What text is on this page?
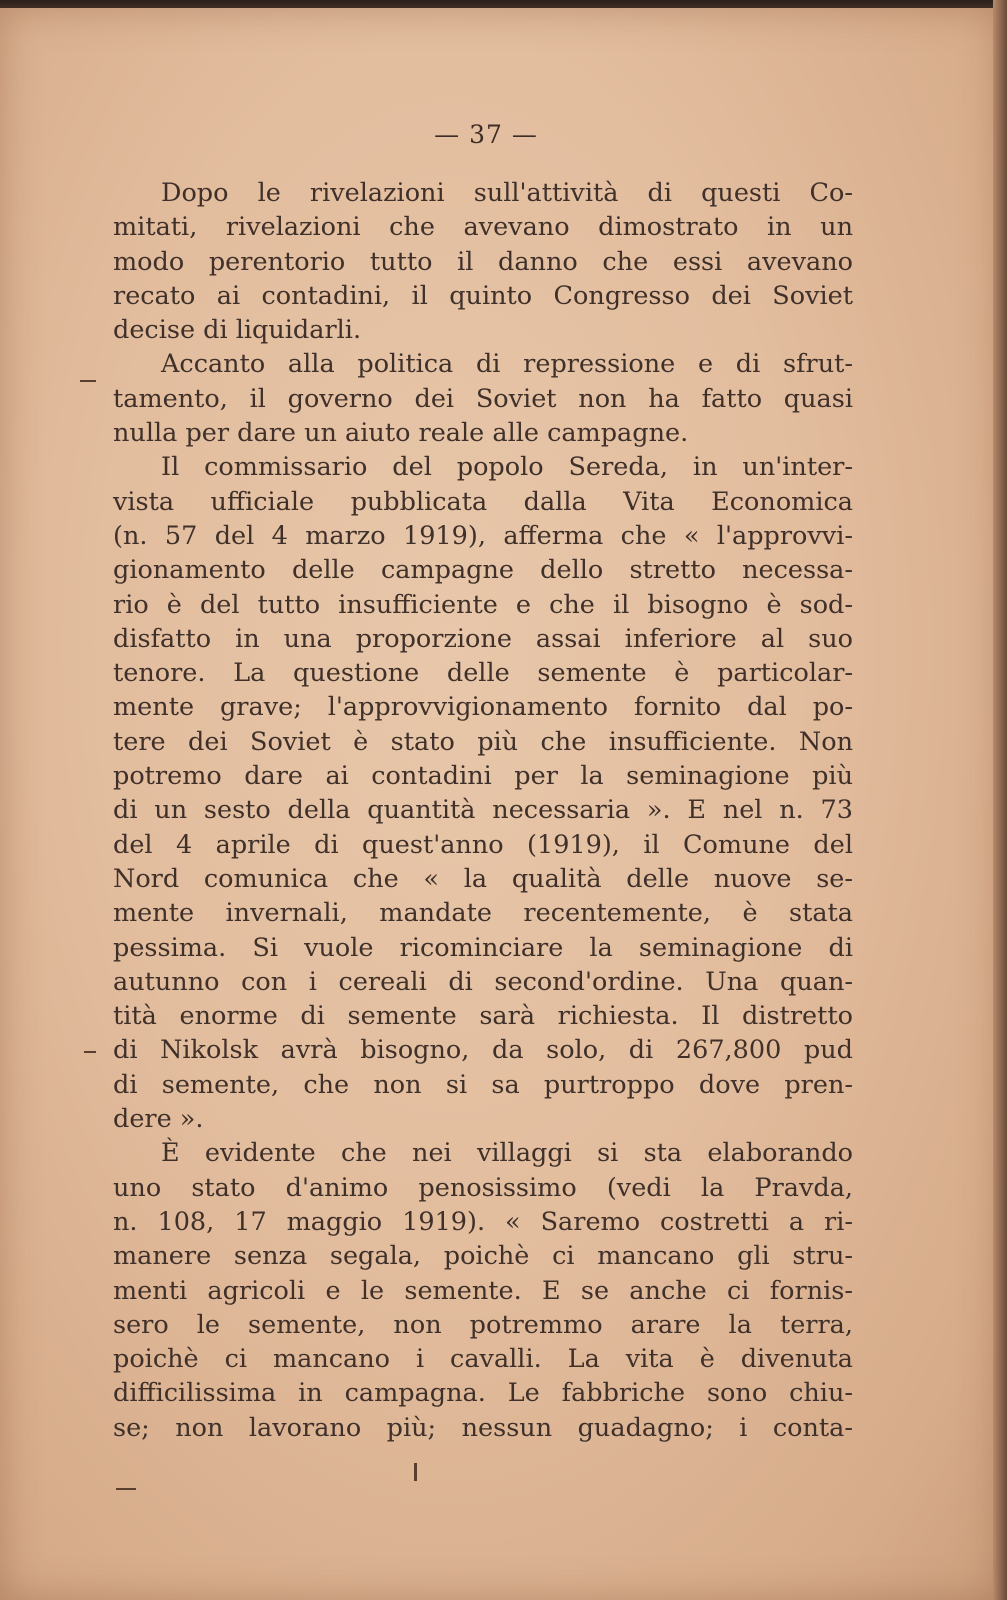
— 37 —
Dopo le rivelazioni sull'attività di questi Co-
mitati, rivelazioni che avevano dimostrato in un
modo perentorio tutto il danno che essi avevano
recato ai contadini, il quinto Congresso dei Soviet
decise di liquidarli.
Accanto alla politica di repressione e di sfrut-
tamento, il governo dei Soviet non ha fatto quasi
nulla per dare un aiuto reale alle campagne.
Il commissario del popolo Sereda, in un'inter-
vista ufficiale pubblicata dalla Vita Economica
(n. 57 del 4 marzo 1919), afferma che « l'approvvi-
gionamento delle campagne dello stretto necessa-
rio è del tutto insufficiente e che il bisogno è sod-
disfatto in una proporzione assai inferiore al suo
tenore. La questione delle semente è particolar-
mente grave; l'approvvigionamento fornito dal po-
tere dei Soviet è stato più che insufficiente. Non
potremo dare ai contadini per la seminagione più
di un sesto della quantità necessaria ». E nel n. 73
del 4 aprile di quest'anno (1919), il Comune del
Nord comunica che « la qualità delle nuove se-
mente invernali, mandate recentemente, è stata
pessima. Si vuole ricominciare la seminagione di
autunno con i cereali di second'ordine. Una quan-
tità enorme di semente sarà richiesta. Il distretto
di Nikolsk avrà bisogno, da solo, di 267,800 pud
di semente, che non si sa purtroppo dove pren-
dere ».
È evidente che nei villaggi si sta elaborando
uno stato d'animo penosissimo (vedi la Pravda,
n. 108, 17 maggio 1919). « Saremo costretti a ri-
manere senza segala, poichè ci mancano gli stru-
menti agricoli e le semente. E se anche ci fornis-
sero le semente, non potremmo arare la terra,
poichè ci mancano i cavalli. La vita è divenuta
difficilissima in campagna. Le fabbriche sono chiu-
se; non lavorano più; nessun guadagno; i conta-
